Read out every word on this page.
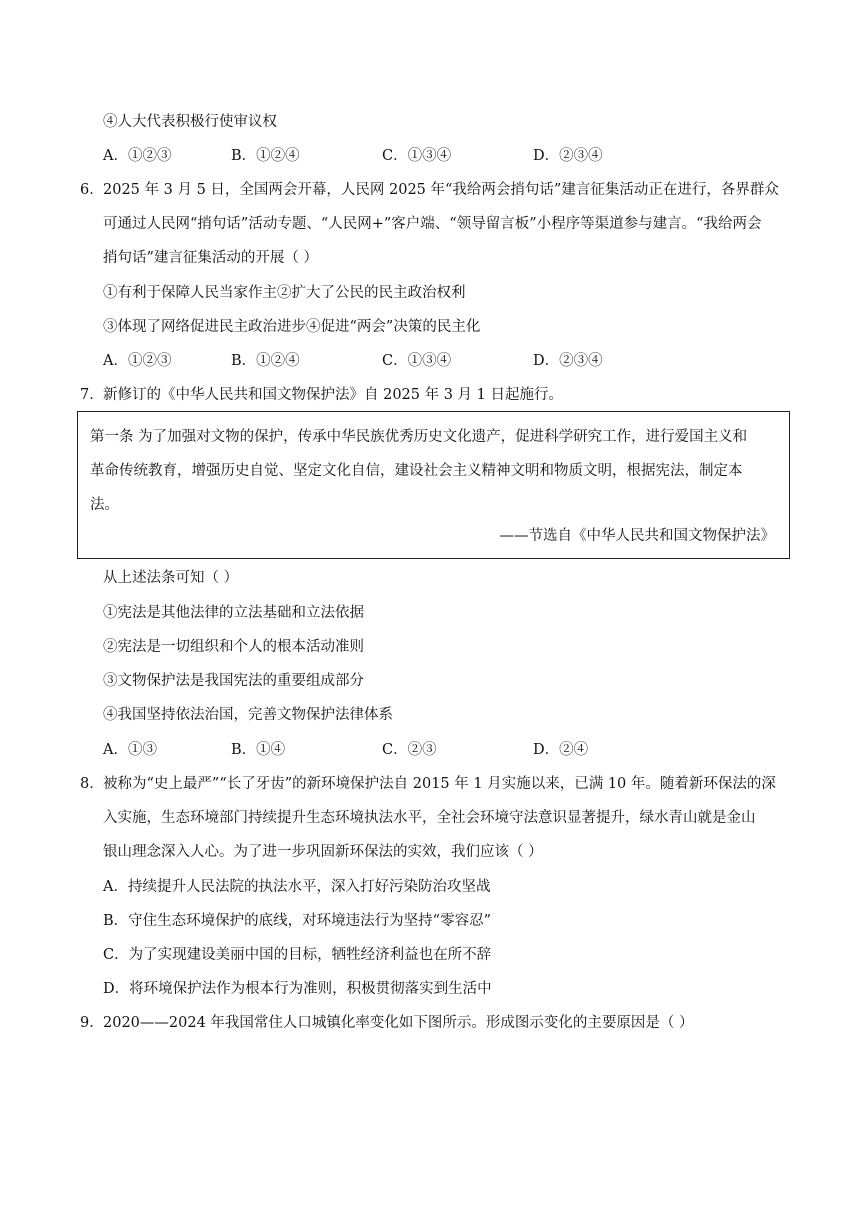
④人大代表积极行使审议权
A．①②③	B．①②④	C．①③④	D．②③④
6． 2025 年 3 月 5 日，全国两会开幕，人民网 2025 年“我给两会捎句话”建言征集活动正在进行，各界群众
可通过人民网“捎句话”活动专题、“人民网+”客户端、“领导留言板”小程序等渠道参与建言。“我给两会
捎句话”建言征集活动的开展（ ）
①有利于保障人民当家作主②扩大了公民的民主政治权利
③体现了网络促进民主政治进步④促进“两会”决策的民主化
A．①②③	B．①②④	C．①③④	D．②③④
7． 新修订的《中华人民共和国文物保护法》自 2025 年 3 月 1 日起施行。
第一条 为了加强对文物的保护，传承中华民族优秀历史文化遗产，促进科学研究工作，进行爱国主义和
革命传统教育，增强历史自觉、坚定文化自信，建设社会主义精神文明和物质文明，根据宪法，制定本
法。
——节选自《中华人民共和国文物保护法》
从上述法条可知（ ）
①宪法是其他法律的立法基础和立法依据
②宪法是一切组织和个人的根本活动准则
③文物保护法是我国宪法的重要组成部分
④我国坚持依法治国，完善文物保护法律体系
A．①③	B．①④	C．②③	D．②④
8． 被称为“史上最严”“长了牙齿”的新环境保护法自 2015 年 1 月实施以来，已满 10 年。随着新环保法的深
入实施，生态环境部门持续提升生态环境执法水平，全社会环境守法意识显著提升，绿水青山就是金山
银山理念深入人心。为了进一步巩固新环保法的实效，我们应该（ ）
A．持续提升人民法院的执法水平，深入打好污染防治攻坚战
B．守住生态环境保护的底线，对环境违法行为坚持“零容忍”
C．为了实现建设美丽中国的目标，牺牲经济利益也在所不辞
D．将环境保护法作为根本行为准则，积极贯彻落实到生活中
9． 2020——2024 年我国常住人口城镇化率变化如下图所示。形成图示变化的主要原因是（ ）
